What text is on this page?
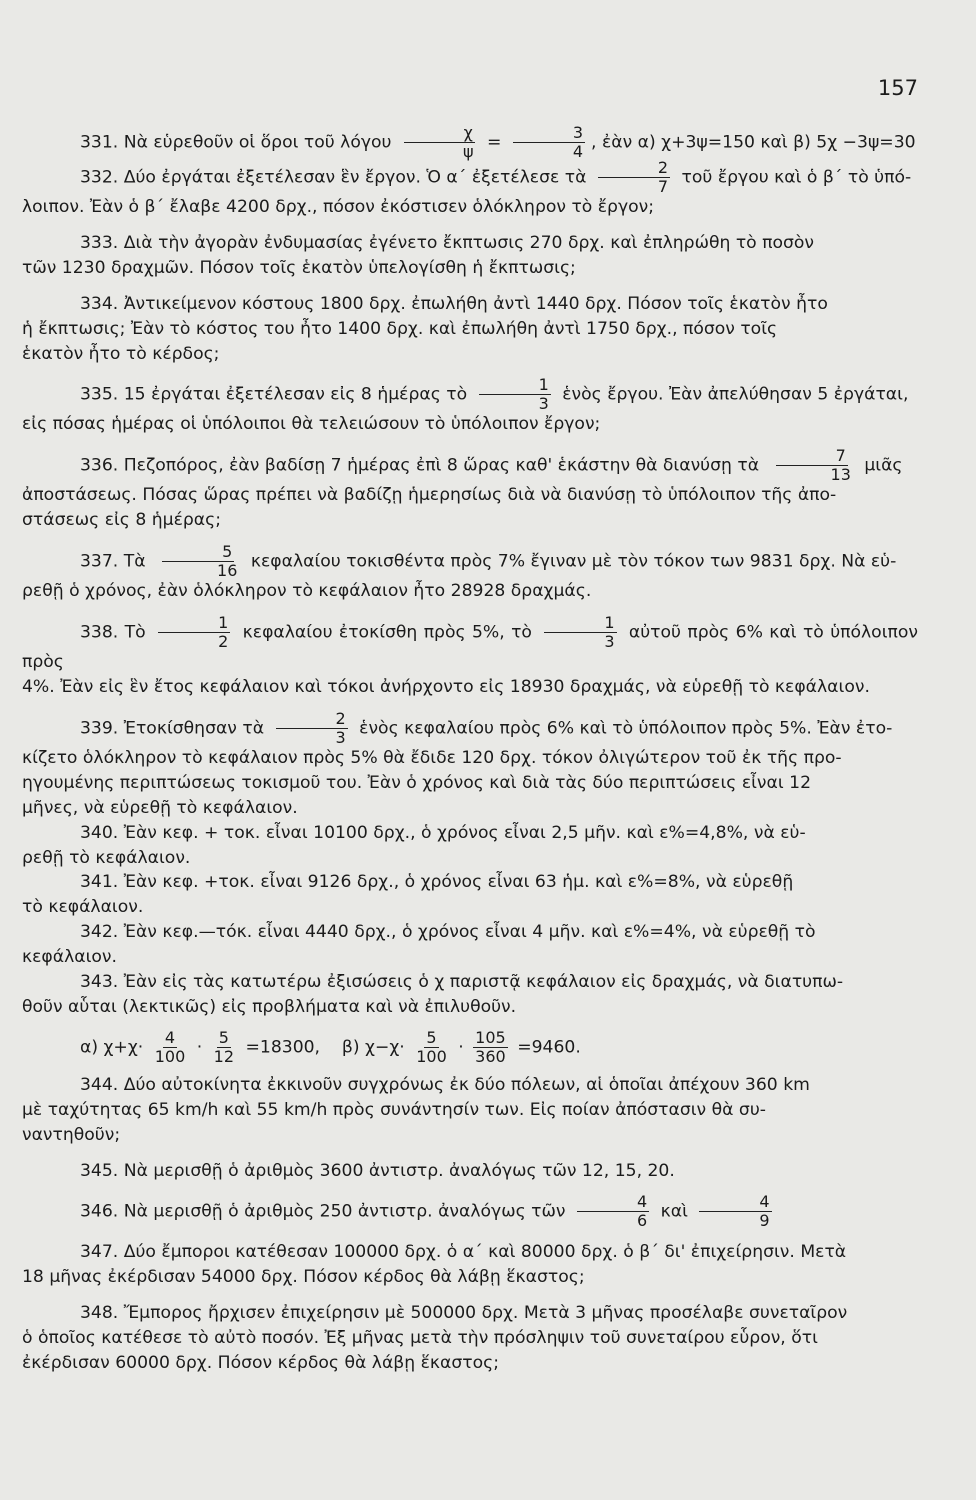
157

331. Νὰ εὑρεθοῦν οἱ ὅροι τοῦ λόγου $\frac{\chi}{\psi} = \frac{3}{4}$ , ἐὰν α) χ+3ψ=150 καὶ β) 5χ −3ψ=30

332. Δύο ἐργάται ἐξετέλεσαν ἓν ἔργον. Ὁ α΄ ἐξετέλεσε τὰ $\frac{2}{7}$ τοῦ ἔργου καὶ ὁ β΄ τὸ ὑπό-

λοιπον. Ἐὰν ὁ β΄ ἔλαβε 4200 δρχ., πόσον ἐκόστισεν ὁλόκληρον τὸ ἔργον;

333. Διὰ τὴν ἀγορὰν ἐνδυμασίας ἐγένετο ἔκπτωσις 270 δρχ. καὶ ἐπληρώθη τὸ ποσὸν

τῶν 1230 δραχμῶν. Πόσον τοῖς ἑκατὸν ὑπελογίσθη ἡ ἔκπτωσις;

334. Ἀντικείμενον κόστους 1800 δρχ. ἐπωλήθη ἀντὶ 1440 δρχ. Πόσον τοῖς ἑκατὸν ἦτο

ἡ ἔκπτωσις; Ἐὰν τὸ κόστος του ἦτο 1400 δρχ. καὶ ἐπωλήθη ἀντὶ 1750 δρχ., πόσον τοῖς

ἑκατὸν ἦτο τὸ κέρδος;

335. 15 ἐργάται ἐξετέλεσαν εἰς 8 ἡμέρας τὸ $\frac{1}{3}$ ἑνὸς ἔργου. Ἐὰν ἀπελύθησαν 5 ἐργάται,

εἰς πόσας ἡμέρας οἱ ὑπόλοιποι θὰ τελειώσουν τὸ ὑπόλοιπον ἔργον;

336. Πεζοπόρος, ἐὰν βαδίσῃ 7 ἡμέρας ἐπὶ 8 ὥρας καθ' ἑκάστην θὰ διανύσῃ τὰ $\frac{7}{13}$ μιᾶς

ἀποστάσεως. Πόσας ὥρας πρέπει νὰ βαδίζῃ ἡμερησίως διὰ νὰ διανύσῃ τὸ ὑπόλοιπον τῆς ἀπο-

στάσεως εἰς 8 ἡμέρας;

337. Τὰ $\frac{5}{16}$ κεφαλαίου τοκισθέντα πρὸς 7% ἔγιναν μὲ τὸν τόκον των 9831 δρχ. Νὰ εὑ-

ρεθῇ ὁ χρόνος, ἐὰν ὁλόκληρον τὸ κεφάλαιον ἦτο 28928 δραχμάς.

338. Τὸ $\frac{1}{2}$ κεφαλαίου ἐτοκίσθη πρὸς 5%, τὸ $\frac{1}{3}$ αὐτοῦ πρὸς 6% καὶ τὸ ὑπόλοιπον πρὸς

4%. Ἐὰν εἰς ἓν ἔτος κεφάλαιον καὶ τόκοι ἀνήρχοντο εἰς 18930 δραχμάς, νὰ εὑρεθῇ τὸ κεφάλαιον.

339. Ἐτοκίσθησαν τὰ $\frac{2}{3}$ ἑνὸς κεφαλαίου πρὸς 6% καὶ τὸ ὑπόλοιπον πρὸς 5%. Ἐὰν ἐτο-

κίζετο ὁλόκληρον τὸ κεφάλαιον πρὸς 5% θὰ ἔδιδε 120 δρχ. τόκον ὀλιγώτερον τοῦ ἐκ τῆς προ-

ηγουμένης περιπτώσεως τοκισμοῦ του. Ἐὰν ὁ χρόνος καὶ διὰ τὰς δύο περιπτώσεις εἶναι 12

μῆνες, νὰ εὑρεθῇ τὸ κεφάλαιον.

340. Ἐὰν κεφ. + τοκ. εἶναι 10100 δρχ., ὁ χρόνος εἶναι 2,5 μῆν. καὶ ε%=4,8%, νὰ εὑ-

ρεθῇ τὸ κεφάλαιον.

341. Ἐὰν κεφ. +τοκ. εἶναι 9126 δρχ., ὁ χρόνος εἶναι 63 ἡμ. καὶ ε%=8%, νὰ εὑρεθῇ

τὸ κεφάλαιον.

342. Ἐὰν κεφ.—τόκ. εἶναι 4440 δρχ., ὁ χρόνος εἶναι 4 μῆν. καὶ ε%=4%, νὰ εὑρεθῇ τὸ

κεφάλαιον.

343. Ἐὰν εἰς τὰς κατωτέρω ἐξισώσεις ὁ χ παριστᾷ κεφάλαιον εἰς δραχμάς, νὰ διατυπω-

θοῦν αὗται (λεκτικῶς) εἰς προβλήματα καὶ νὰ ἐπιλυθοῦν.

α) $\chi+\chi\cdot \frac{4}{100} \cdot \frac{5}{12} =18300$, β) $\chi-\chi\cdot \frac{5}{100} \cdot \frac{105}{360} =9460$.

344. Δύο αὐτοκίνητα ἐκκινοῦν συγχρόνως ἐκ δύο πόλεων, αἱ ὁποῖαι ἀπέχουν 360 km

μὲ ταχύτητας 65 km/h καὶ 55 km/h πρὸς συνάντησίν των. Εἰς ποίαν ἀπόστασιν θὰ συ-

ναντηθοῦν;

345. Νὰ μερισθῇ ὁ ἀριθμὸς 3600 ἀντιστρ. ἀναλόγως τῶν 12, 15, 20.

346. Νὰ μερισθῇ ὁ ἀριθμὸς 250 ἀντιστρ. ἀναλόγως τῶν $\frac{4}{6}$ καὶ $\frac{4}{9}$

347. Δύο ἔμποροι κατέθεσαν 100000 δρχ. ὁ α΄ καὶ 80000 δρχ. ὁ β΄ δι' ἐπιχείρησιν. Μετὰ

18 μῆνας ἐκέρδισαν 54000 δρχ. Πόσον κέρδος θὰ λάβῃ ἕκαστος;

348. Ἔμπορος ἤρχισεν ἐπιχείρησιν μὲ 500000 δρχ. Μετὰ 3 μῆνας προσέλαβε συνεταῖρον

ὁ ὁποῖος κατέθεσε τὸ αὐτὸ ποσόν. Ἐξ μῆνας μετὰ τὴν πρόσληψιν τοῦ συνεταίρου εὗρον, ὅτι

ἐκέρδισαν 60000 δρχ. Πόσον κέρδος θὰ λάβῃ ἕκαστος;
